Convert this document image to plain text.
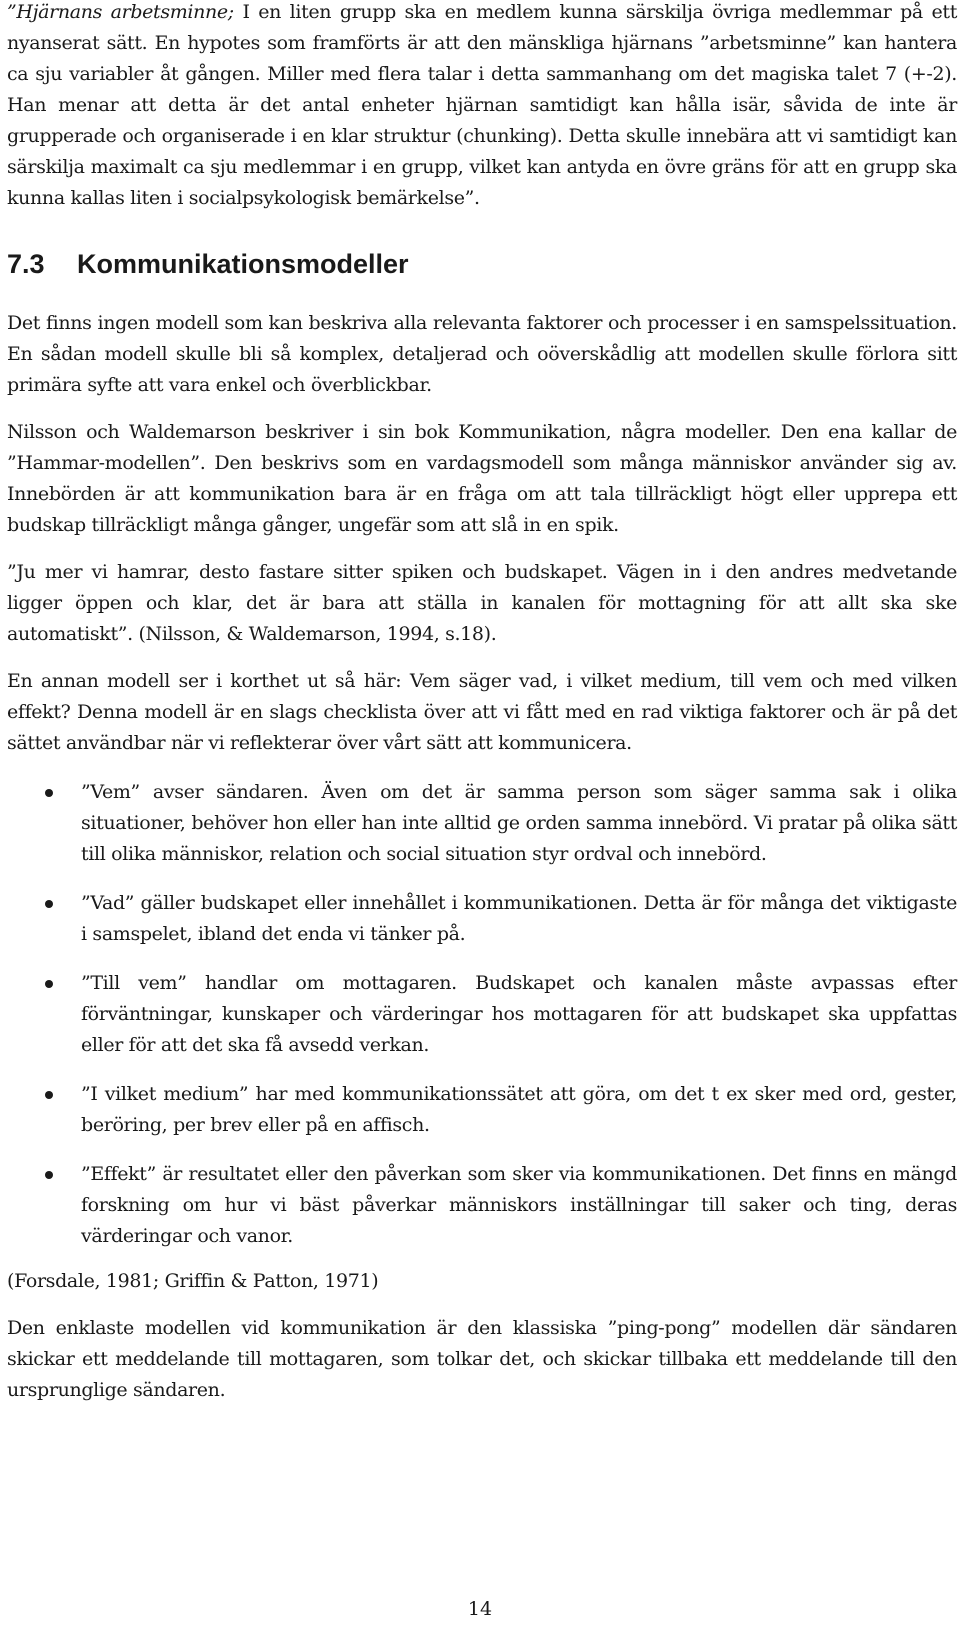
”Hjärnans arbetsminne; I en liten grupp ska en medlem kunna särskilja övriga medlemmar på ett nyanserat sätt. En hypotes som framförts är att den mänskliga hjärnans ”arbetsminne” kan hantera ca sju variabler åt gången. Miller med flera talar i detta sammanhang om det magiska talet 7 (+-2). Han menar att detta är det antal enheter hjärnan samtidigt kan hålla isär, såvida de inte är grupperade och organiserade i en klar struktur (chunking). Detta skulle innebära att vi samtidigt kan särskilja maximalt ca sju medlemmar i en grupp, vilket kan antyda en övre gräns för att en grupp ska kunna kallas liten i socialpsykologisk bemärkelse”.

7.3 Kommunikationsmodeller

Det finns ingen modell som kan beskriva alla relevanta faktorer och processer i en samspelssituation. En sådan modell skulle bli så komplex, detaljerad och oöverskådlig att modellen skulle förlora sitt primära syfte att vara enkel och överblickbar.

Nilsson och Waldemarson beskriver i sin bok Kommunikation, några modeller. Den ena kallar de ”Hammar-modellen”. Den beskrivs som en vardagsmodell som många människor använder sig av. Innebörden är att kommunikation bara är en fråga om att tala tillräckligt högt eller upprepa ett budskap tillräckligt många gånger, ungefär som att slå in en spik.

”Ju mer vi hamrar, desto fastare sitter spiken och budskapet. Vägen in i den andres medvetande ligger öppen och klar, det är bara att ställa in kanalen för mottagning för att allt ska ske automatiskt”. (Nilsson, & Waldemarson, 1994, s.18).

En annan modell ser i korthet ut så här: Vem säger vad, i vilket medium, till vem och med vilken effekt? Denna modell är en slags checklista över att vi fått med en rad viktiga faktorer och är på det sättet användbar när vi reflekterar över vårt sätt att kommunicera.

”Vem” avser sändaren. Även om det är samma person som säger samma sak i olika situationer, behöver hon eller han inte alltid ge orden samma innebörd. Vi pratar på olika sätt till olika människor, relation och social situation styr ordval och innebörd.

”Vad” gäller budskapet eller innehållet i kommunikationen. Detta är för många det viktigaste i samspelet, ibland det enda vi tänker på.

”Till vem” handlar om mottagaren. Budskapet och kanalen måste avpassas efter förväntningar, kunskaper och värderingar hos mottagaren för att budskapet ska uppfattas eller för att det ska få avsedd verkan.

”I vilket medium” har med kommunikationssätet att göra, om det t ex sker med ord, gester, beröring, per brev eller på en affisch.

”Effekt” är resultatet eller den påverkan som sker via kommunikationen. Det finns en mängd forskning om hur vi bäst påverkar människors inställningar till saker och ting, deras värderingar och vanor.

(Forsdale, 1981; Griffin & Patton, 1971)

Den enklaste modellen vid kommunikation är den klassiska ”ping-pong” modellen där sändaren skickar ett meddelande till mottagaren, som tolkar det, och skickar tillbaka ett meddelande till den ursprunglige sändaren.

14
